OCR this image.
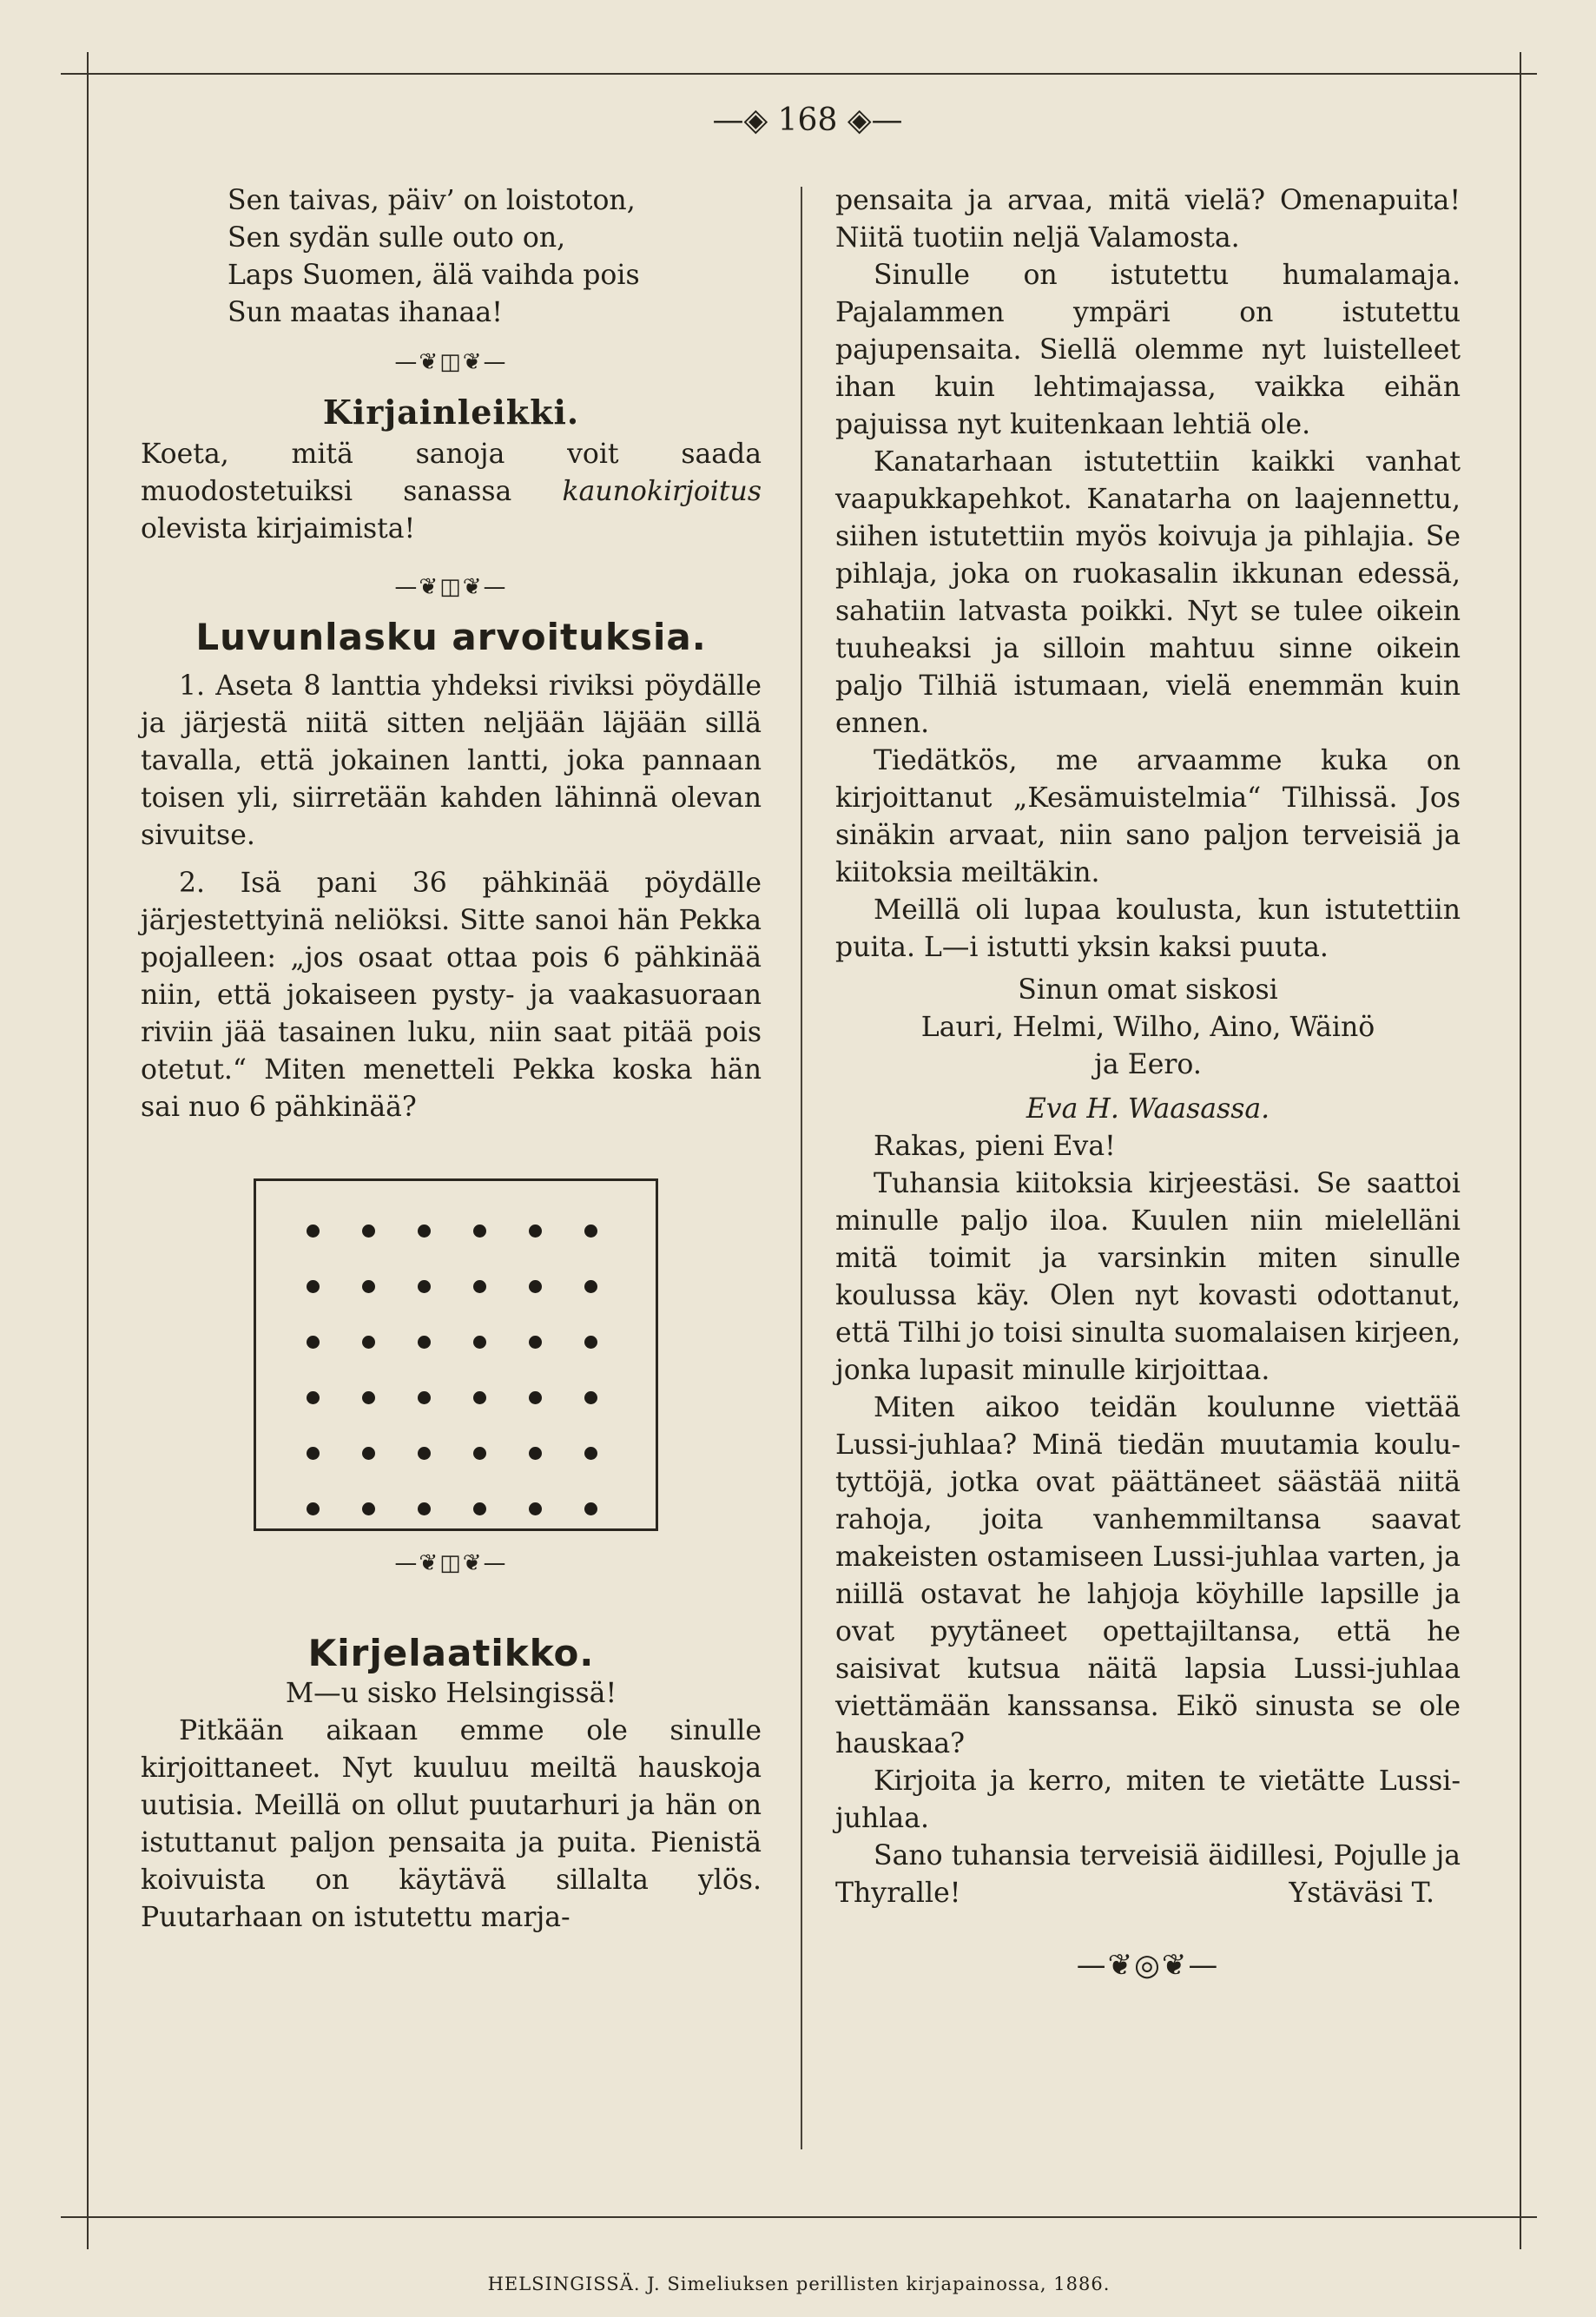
—◈ 168 ◈—
Sen taivas, päiv’ on loistoton,
Sen sydän sulle outo on,
Laps Suomen, älä vaihda pois
Sun maatas ihanaa!
—❦◫❦—
Kirjainleikki.

Koeta, mitä sanoja voit saada muodostetuiksi sanassa kaunokirjoitus olevista kirjaimista!

—❦◫❦—
Luvunlasku arvoituksia.

1. Aseta 8 lanttia yhdeksi riviksi pöydälle ja järjestä niitä sitten neljään läjään sillä tavalla, että jokainen lantti, joka pannaan toisen yli, siirretään kahden lähinnä olevan sivuitse.

2. Isä pani 36 pähkinää pöydälle järjestettyinä neliöksi. Sitte sanoi hän Pekka pojalleen: „jos osaat ottaa pois 6 pähkinää niin, että jokaiseen pysty- ja vaakasuoraan riviin jää tasainen luku, niin saat pitää pois otetut.“ Miten menetteli Pekka koska hän sai nuo 6 pähkinää?

—❦◫❦—
Kirjelaatikko.
M—u sisko Helsingissä!

Pitkään aikaan emme ole sinulle kirjoittaneet. Nyt kuuluu meiltä hauskoja uutisia. Meillä on ollut puutarhuri ja hän on istuttanut paljon pensaita ja puita. Pienistä koivuista on käytävä sillalta ylös. Puutarhaan on istutettu marja-

pensaita ja arvaa, mitä vielä? Omenapuita! Niitä tuotiin neljä Valamosta.

Sinulle on istutettu humalamaja. Pajalammen ympäri on istutettu pajupensaita. Siellä olemme nyt luistelleet ihan kuin lehtimajassa, vaikka eihän pajuissa nyt kuitenkaan lehtiä ole.

Kanatarhaan istutettiin kaikki vanhat vaapukkapehkot. Kanatarha on laajennettu, siihen istutettiin myös koivuja ja pihlajia. Se pihlaja, joka on ruokasalin ikkunan edessä, sahatiin latvasta poikki. Nyt se tulee oikein tuuheaksi ja silloin mahtuu sinne oikein paljo Tilhiä istumaan, vielä enemmän kuin ennen.

Tiedätkös, me arvaamme kuka on kirjoittanut „Kesämuistelmia“ Tilhissä. Jos sinäkin arvaat, niin sano paljon terveisiä ja kiitoksia meiltäkin.

Meillä oli lupaa koulusta, kun istutettiin puita. L—i istutti yksin kaksi puuta.

Sinun omat siskosi
Lauri, Helmi, Wilho, Aino, Wäinö
ja Eero.
Eva H. Waasassa.
Rakas, pieni Eva!

Tuhansia kiitoksia kirjeestäsi. Se saattoi minulle paljo iloa. Kuulen niin mielelläni mitä toimit ja varsinkin miten sinulle koulussa käy. Olen nyt kovasti odottanut, että Tilhi jo toisi sinulta suomalaisen kirjeen, jonka lupasit minulle kirjoittaa.

Miten aikoo teidän koulunne viettää Lussi-juhlaa? Minä tiedän muutamia koulu-tyttöjä, jotka ovat päättäneet säästää niitä rahoja, joita vanhemmiltansa saavat makeisten ostamiseen Lussi-juhlaa varten, ja niillä ostavat he lahjoja köyhille lapsille ja ovat pyytäneet opettajiltansa, että he saisivat kutsua näitä lapsia Lussi-juhlaa viettämään kanssansa. Eikö sinusta se ole hauskaa?

Kirjoita ja kerro, miten te vietätte Lussi-juhlaa.

Sano tuhansia terveisiä äidillesi, Pojulle ja Thyralle!	Ystäväsi T.

—❦◎❦—
HELSINGISSÄ. J. Simeliuksen perillisten kirjapainossa, 1886.
